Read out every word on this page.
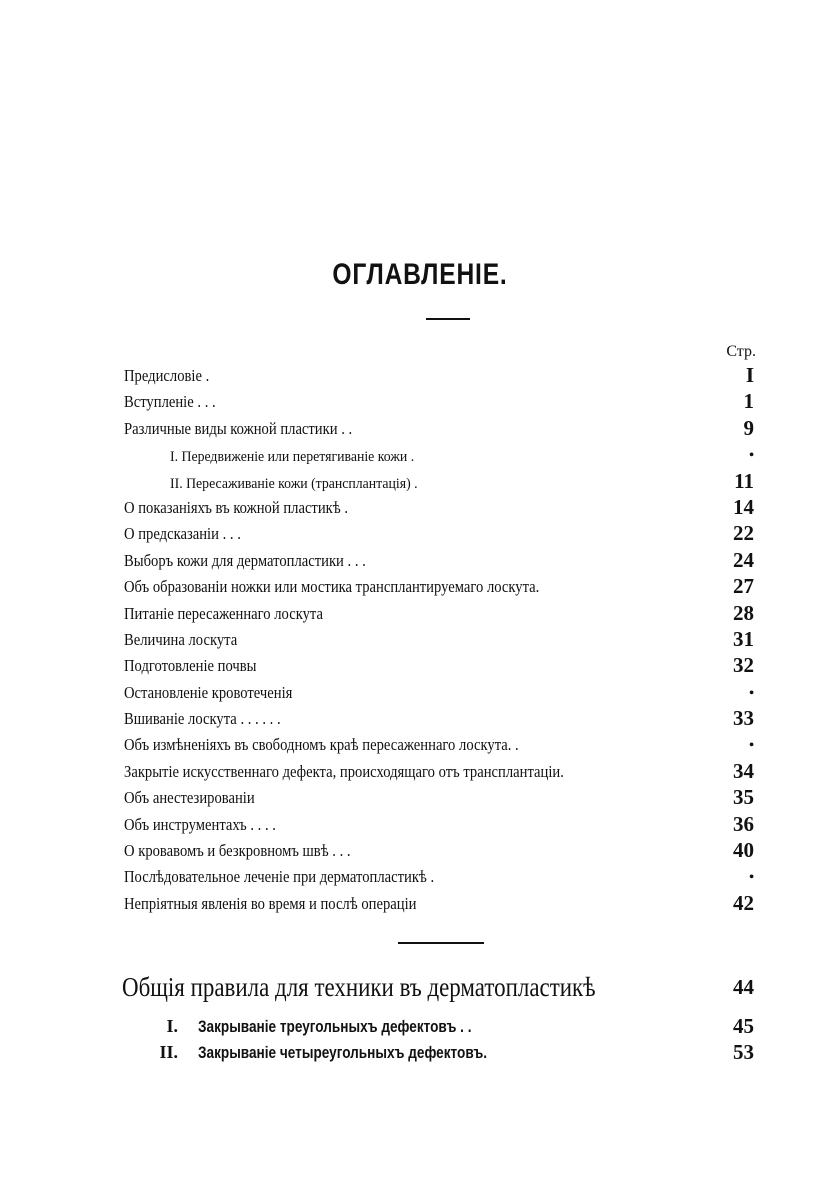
ОГЛАВЛЕНІЕ.
Стр.
Предисловіе .	I
Вступленіе . . .	1
Различные виды кожной пластики . .	9
I. Передвиженіе или перетягиваніе кожи .	•
II. Пересаживаніе кожи (трансплантація) .	11
О показаніяхъ въ кожной пластикѣ .	14
О предсказаніи . . .	22
Выборъ кожи для дерматопластики . . .	24
Объ образованіи ножки или мостика трансплантируемаго лоскута.	27
Питаніе пересаженнаго лоскута	28
Величина лоскута	31
Подготовленіе почвы	32
Остановленіе кровотеченія	•
Вшиваніе лоскута . . . . . .	33
Объ измѣненіяхъ въ свободномъ краѣ пересаженнаго лоскута. .	•
Закрытіе искусственнаго дефекта, происходящаго отъ трансплантаціи.	34
Объ анестезированіи	35
Объ инструментахъ . . . .	36
О кровавомъ и безкровномъ швѣ . . .	40
Послѣдовательное леченіе при дерматопластикѣ .	•
Непріятныя явленія во время и послѣ операціи	42
Общія правила для техники въ дерматопластикѣ	44
I. Закрываніе треугольныхъ дефектовъ . .	45
II. Закрываніе четыреугольныхъ дефектовъ.	53
